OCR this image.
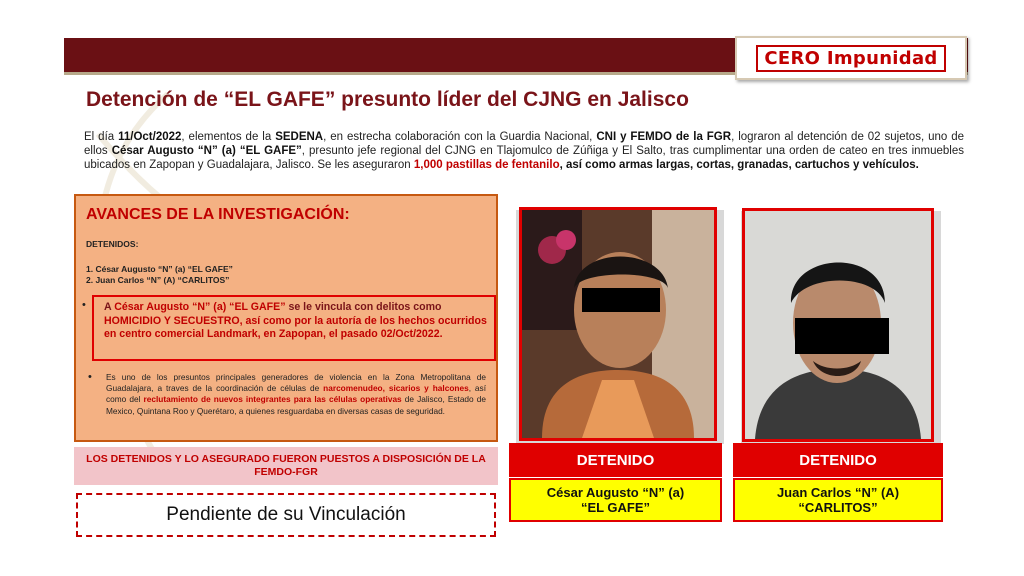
CERO Impunidad
Detención de “EL GAFE” presunto líder del CJNG en Jalisco
El día 11/Oct/2022, elementos de la SEDENA, en estrecha colaboración con la Guardia Nacional, CNI y FEMDO de la FGR, lograron al detención de 02 sujetos, uno de ellos César Augusto “N” (a) “EL GAFE”, presunto jefe regional del CJNG en Tlajomulco de Zúñiga y El Salto, tras cumplimentar una orden de cateo en tres inmuebles ubicados en Zapopan y Guadalajara, Jalisco. Se les aseguraron 1,000 pastillas de fentanilo, así como armas largas, cortas, granadas, cartuchos y vehículos.
AVANCES DE LA INVESTIGACIÓN:
DETENIDOS:
1. César Augusto “N” (a) “EL GAFE”
2. Juan Carlos “N” (A) “CARLITOS”
• A César Augusto “N” (a) “EL GAFE” se le vincula con delitos como HOMICIDIO Y SECUESTRO, así como por la autoría de los hechos ocurridos en centro comercial Landmark, en Zapopan, el pasado 02/Oct/2022.
• Es uno de los presuntos principales generadores de violencia en la Zona Metropolitana de Guadalajara, a traves de la coordinación de células de narcomenudeo, sicarios y halcones, así como del reclutamiento de nuevos integrantes para las células operativas de Jalisco, Estado de Mexico, Quintana Roo y Querétaro, a quienes resguardaba en diversas casas de seguridad.
LOS DETENIDOS Y LO ASEGURADO FUERON PUESTOS A DISPOSICIÓN DE LA FEMDO-FGR
Pendiente de su Vinculación
DETENIDO
César Augusto “N” (a)
“EL GAFE”
DETENIDO
Juan Carlos “N” (A)
“CARLITOS”
